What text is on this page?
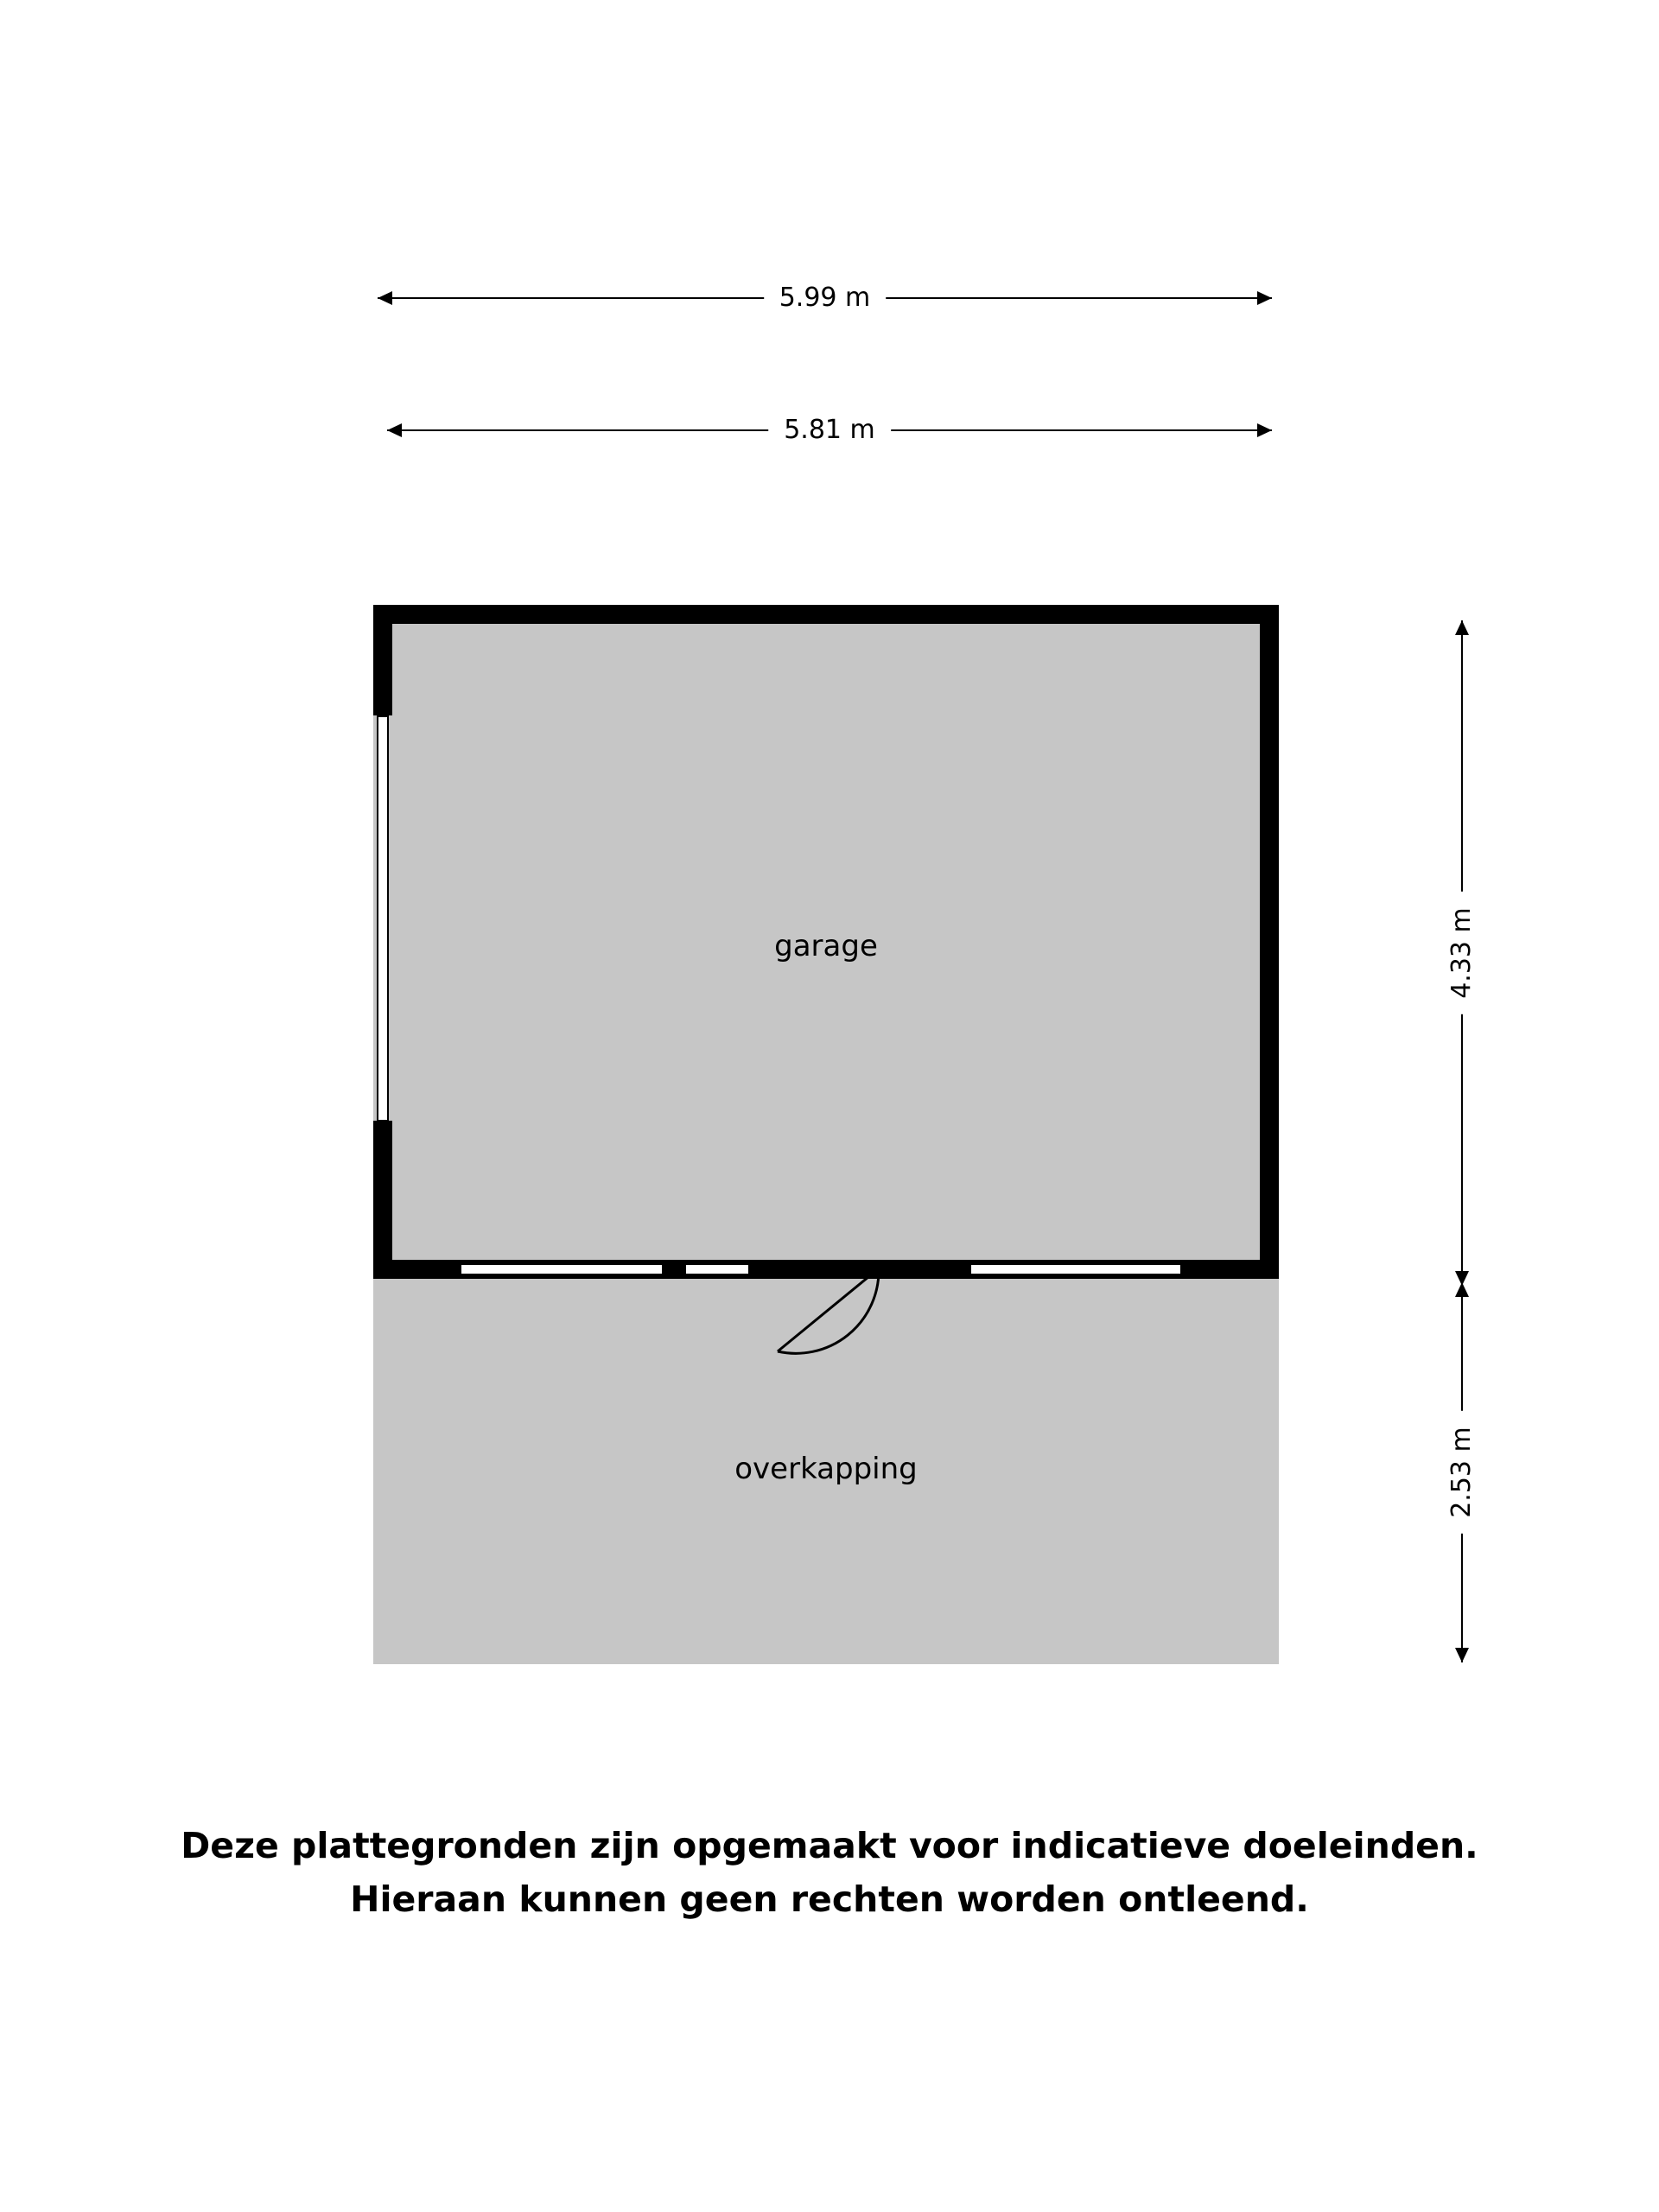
5.99 m
5.81 m
4.33 m
2.53 m
overkapping
garage
Deze plattegronden zijn opgemaakt voor indicatieve doeleinden.
Hieraan kunnen geen rechten worden ontleend.
